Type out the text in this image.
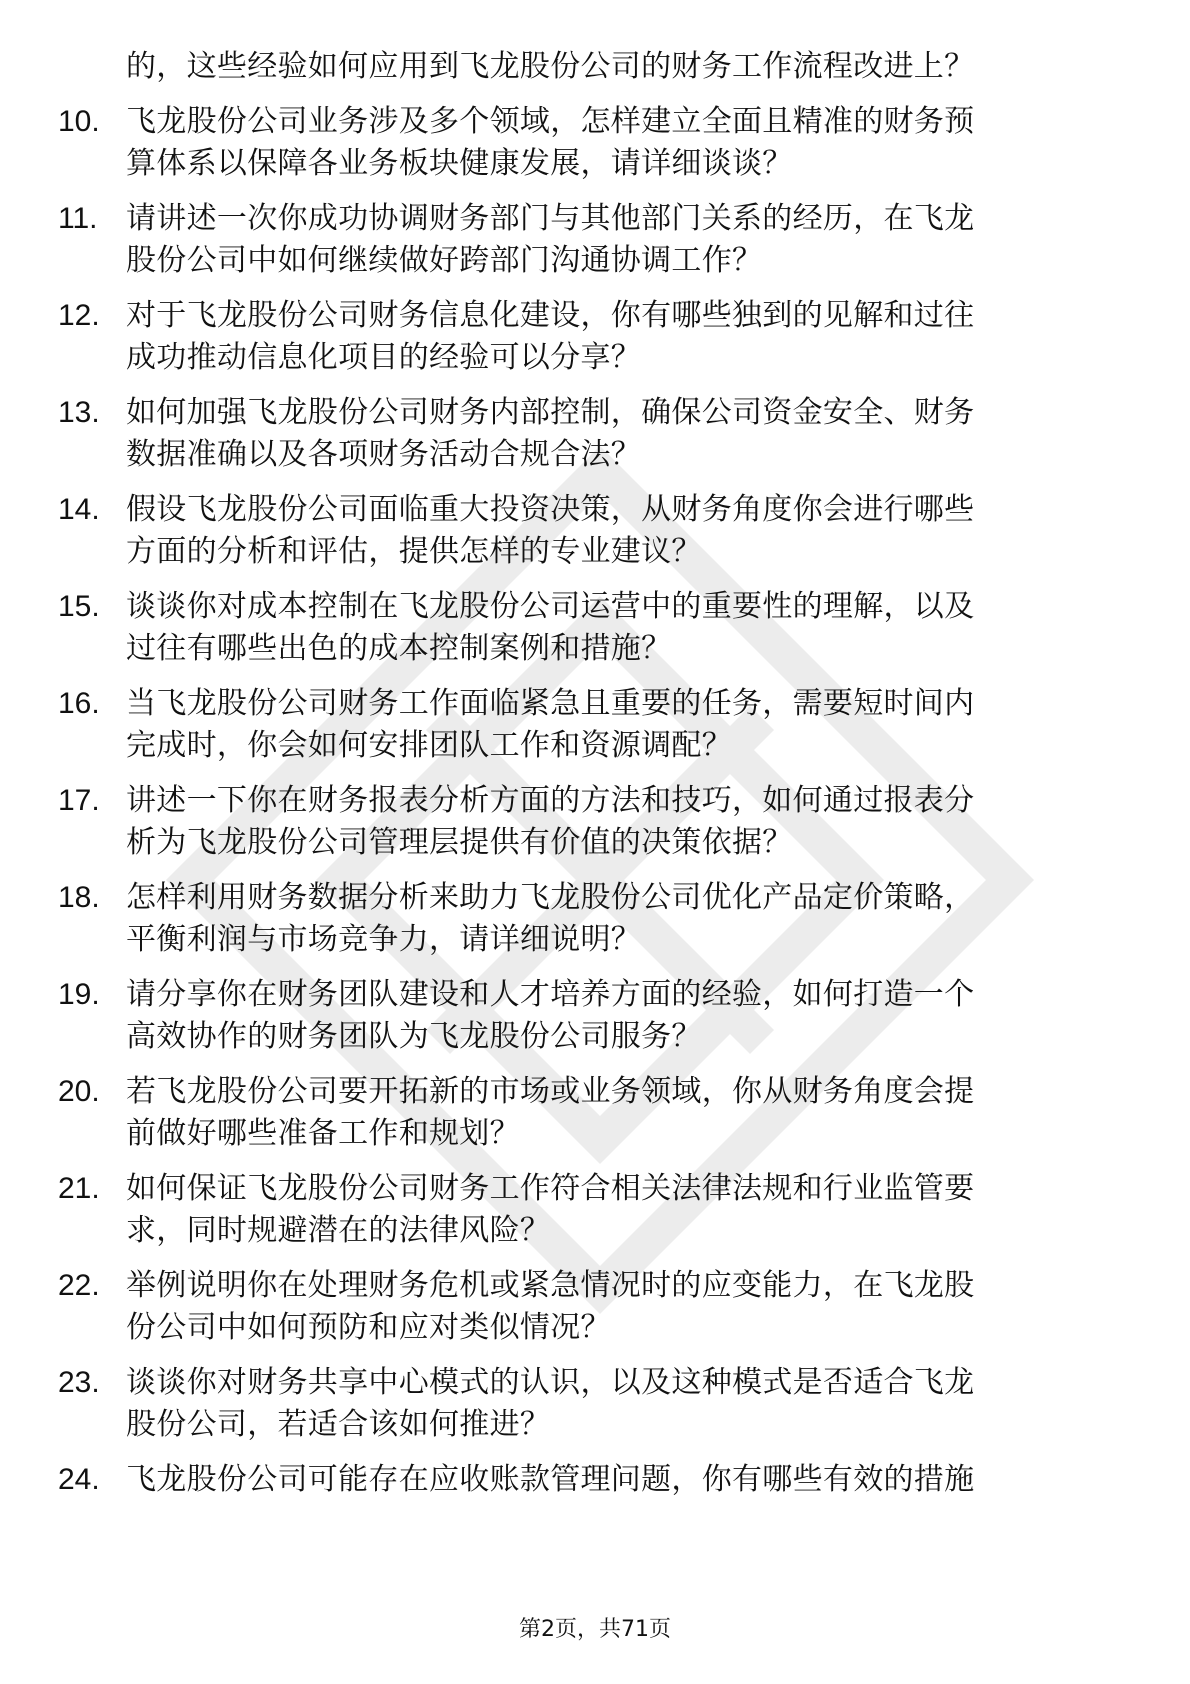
的，这些经验如何应用到飞龙股份公司的财务工作流程改进上？

10. 飞龙股份公司业务涉及多个领域，怎样建立全面且精准的财务预
算体系以保障各业务板块健康发展，请详细谈谈？
11. 请讲述一次你成功协调财务部门与其他部门关系的经历，在飞龙
股份公司中如何继续做好跨部门沟通协调工作？
12. 对于飞龙股份公司财务信息化建设，你有哪些独到的见解和过往
成功推动信息化项目的经验可以分享？
13. 如何加强飞龙股份公司财务内部控制，确保公司资金安全、财务
数据准确以及各项财务活动合规合法？
14. 假设飞龙股份公司面临重大投资决策，从财务角度你会进行哪些
方面的分析和评估，提供怎样的专业建议？
15. 谈谈你对成本控制在飞龙股份公司运营中的重要性的理解，以及
过往有哪些出色的成本控制案例和措施？
16. 当飞龙股份公司财务工作面临紧急且重要的任务，需要短时间内
完成时，你会如何安排团队工作和资源调配？
17. 讲述一下你在财务报表分析方面的方法和技巧，如何通过报表分
析为飞龙股份公司管理层提供有价值的决策依据？
18. 怎样利用财务数据分析来助力飞龙股份公司优化产品定价策略，
平衡利润与市场竞争力，请详细说明？
19. 请分享你在财务团队建设和人才培养方面的经验，如何打造一个
高效协作的财务团队为飞龙股份公司服务？
20. 若飞龙股份公司要开拓新的市场或业务领域，你从财务角度会提
前做好哪些准备工作和规划？
21. 如何保证飞龙股份公司财务工作符合相关法律法规和行业监管要
求，同时规避潜在的法律风险？
22. 举例说明你在处理财务危机或紧急情况时的应变能力，在飞龙股
份公司中如何预防和应对类似情况？
23. 谈谈你对财务共享中心模式的认识，以及这种模式是否适合飞龙
股份公司，若适合该如何推进？
24. 飞龙股份公司可能存在应收账款管理问题，你有哪些有效的措施
第2页，共71页
